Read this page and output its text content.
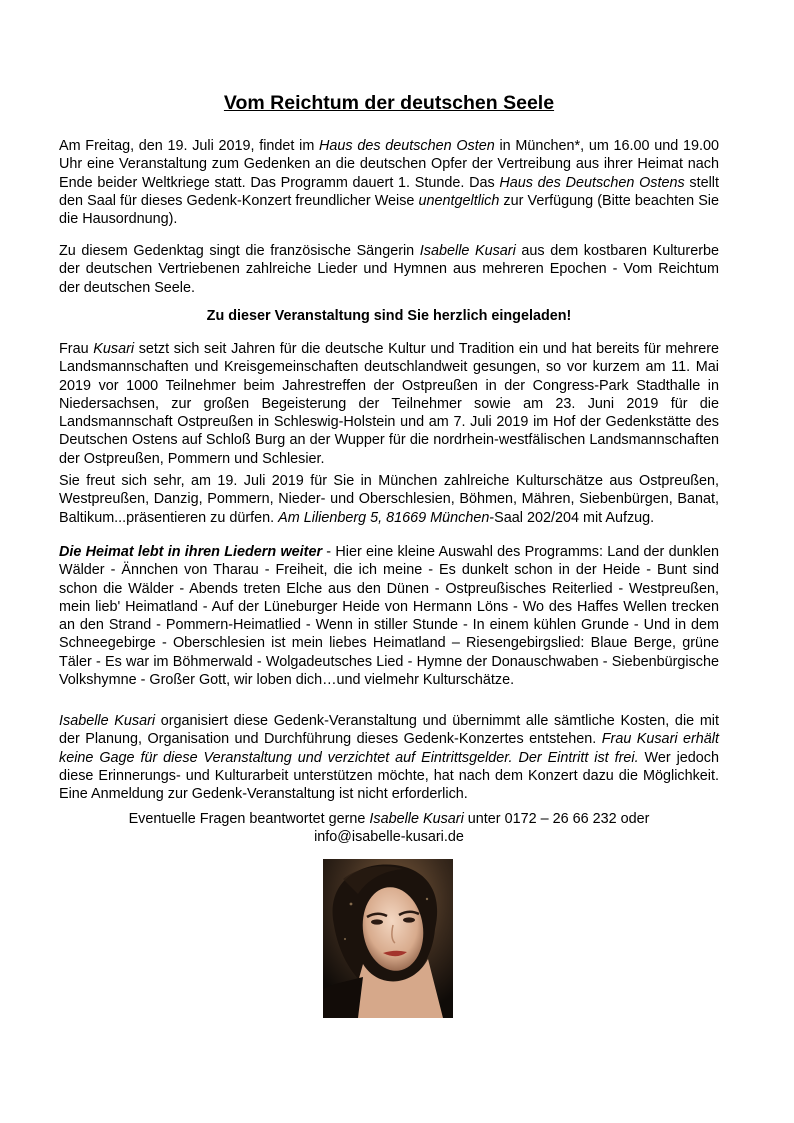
Vom Reichtum der deutschen Seele

Am Freitag, den 19. Juli 2019, findet im Haus des deutschen Osten in München*, um 16.00 und 19.00 Uhr eine Veranstaltung zum Gedenken an die deutschen Opfer der Vertreibung aus ihrer Heimat nach Ende beider Weltkriege statt. Das Programm dauert 1. Stunde. Das Haus des Deutschen Ostens stellt den Saal für dieses Gedenk-Konzert freundlicher Weise unentgeltlich zur Verfügung (Bitte beachten Sie die Hausordnung).

Zu diesem Gedenktag singt die französische Sängerin Isabelle Kusari aus dem kostbaren Kulturerbe der deutschen Vertriebenen zahlreiche Lieder und Hymnen aus mehreren Epochen - Vom Reichtum der deutschen Seele.

Zu dieser Veranstaltung sind Sie herzlich eingeladen!

Frau Kusari setzt sich seit Jahren für die deutsche Kultur und Tradition ein und hat bereits für mehrere Landsmannschaften und Kreisgemeinschaften deutschlandweit gesungen, so vor kurzem am 11. Mai 2019 vor 1000 Teilnehmer beim Jahrestreffen der Ostpreußen in der Congress-Park Stadthalle in Niedersachsen, zur großen Begeisterung der Teilnehmer sowie am 23. Juni 2019 für die Landsmannschaft Ostpreußen in Schleswig-Holstein und am 7. Juli 2019 im Hof der Gedenkstätte des Deutschen Ostens auf Schloß Burg an der Wupper für die nordrhein-westfälischen Landsmannschaften der Ostpreußen, Pommern und Schlesier.

Sie freut sich sehr, am 19. Juli 2019 für Sie in München zahlreiche Kulturschätze aus Ostpreußen, Westpreußen, Danzig, Pommern, Nieder- und Oberschlesien, Böhmen, Mähren, Siebenbürgen, Banat, Baltikum...präsentieren zu dürfen. Am Lilienberg 5, 81669 München-Saal 202/204 mit Aufzug.

Die Heimat lebt in ihren Liedern weiter - Hier eine kleine Auswahl des Programms: Land der dunklen Wälder - Ännchen von Tharau - Freiheit, die ich meine - Es dunkelt schon in der Heide - Bunt sind schon die Wälder - Abends treten Elche aus den Dünen - Ostpreußisches Reiterlied - Westpreußen, mein lieb' Heimatland - Auf der Lüneburger Heide von Hermann Löns - Wo des Haffes Wellen trecken an den Strand - Pommern-Heimatlied - Wenn in stiller Stunde - In einem kühlen Grunde - Und in dem Schneegebirge - Oberschlesien ist mein liebes Heimatland – Riesengebirgslied: Blaue Berge, grüne Täler - Es war im Böhmerwald - Wolgadeutsches Lied - Hymne der Donauschwaben - Siebenbürgische Volkshymne - Großer Gott, wir loben dich…und vielmehr Kulturschätze.

Isabelle Kusari organisiert diese Gedenk-Veranstaltung und übernimmt alle sämtliche Kosten, die mit der Planung, Organisation und Durchführung dieses Gedenk-Konzertes entstehen. Frau Kusari erhält keine Gage für diese Veranstaltung und verzichtet auf Eintrittsgelder. Der Eintritt ist frei. Wer jedoch diese Erinnerungs- und Kulturarbeit unterstützen möchte, hat nach dem Konzert dazu die Möglichkeit. Eine Anmeldung zur Gedenk-Veranstaltung ist nicht erforderlich.

Eventuelle Fragen beantwortet gerne Isabelle Kusari unter 0172 – 26 66 232 oder
info@isabelle-kusari.de
